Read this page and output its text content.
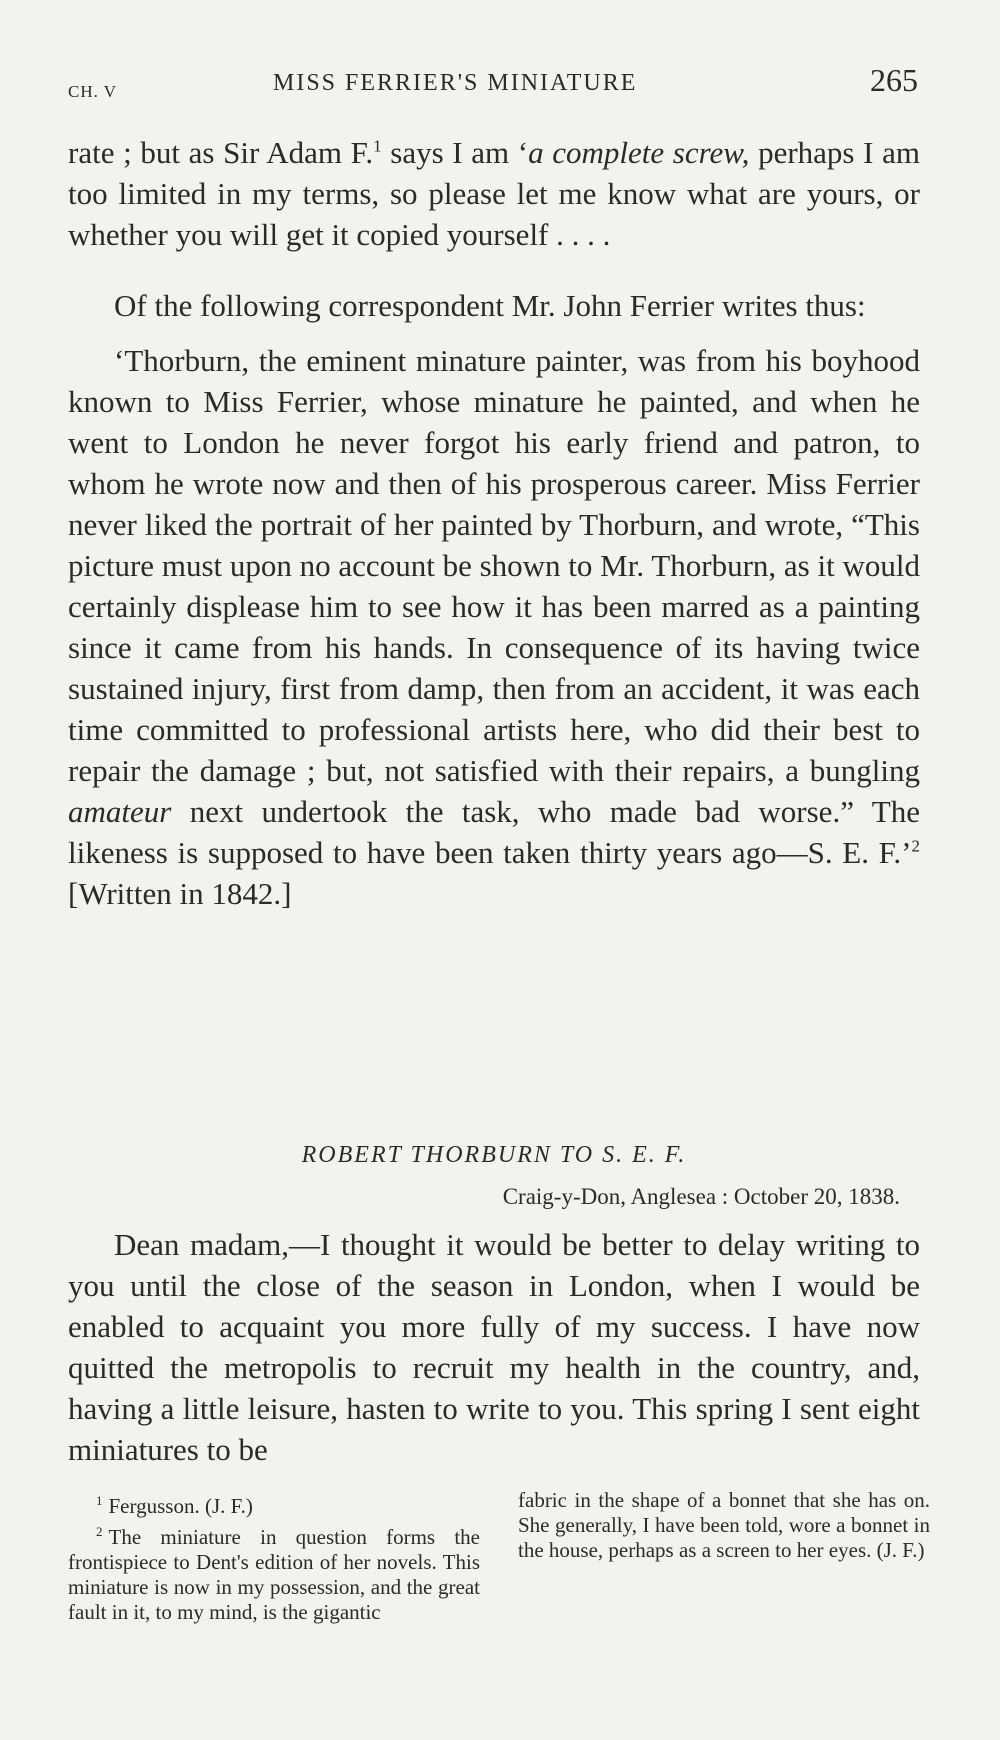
CH. V	MISS FERRIER'S MINIATURE	265

rate ; but as Sir Adam F.$^1$ says I am ‘a complete screw, perhaps I am too limited in my terms, so please let me know what are yours, or whether you will get it copied yourself . . . .

Of the following correspondent Mr. John Ferrier writes thus:

‘Thorburn, the eminent minature painter, was from his boyhood known to Miss Ferrier, whose minature he painted, and when he went to London he never forgot his early friend and patron, to whom he wrote now and then of his prosperous career. Miss Ferrier never liked the portrait of her painted by Thorburn, and wrote, “This picture must upon no account be shown to Mr. Thorburn, as it would certainly displease him to see how it has been marred as a painting since it came from his hands. In consequence of its having twice sustained injury, first from damp, then from an accident, it was each time committed to professional artists here, who did their best to repair the damage ; but, not satisfied with their repairs, a bungling amateur next undertook the task, who made bad worse.” The likeness is supposed to have been taken thirty years ago—S. E. F.’$^2$ [Written in 1842.]

ROBERT THORBURN TO S. E. F.
Craig-y-Don, Anglesea : October 20, 1838.

Dean madam,—I thought it would be better to delay writing to you until the close of the season in London, when I would be enabled to acquaint you more fully of my success. I have now quitted the metropolis to recruit my health in the country, and, having a little leisure, hasten to write to you. This spring I sent eight miniatures to be

$^1$ Fergusson. (J. F.)

$^2$ The miniature in question forms the frontispiece to Dent's edition of her novels. This miniature is now in my possession, and the great fault in it, to my mind, is the gigantic

fabric in the shape of a bonnet that she has on. She generally, I have been told, wore a bonnet in the house, perhaps as a screen to her eyes. (J. F.)
